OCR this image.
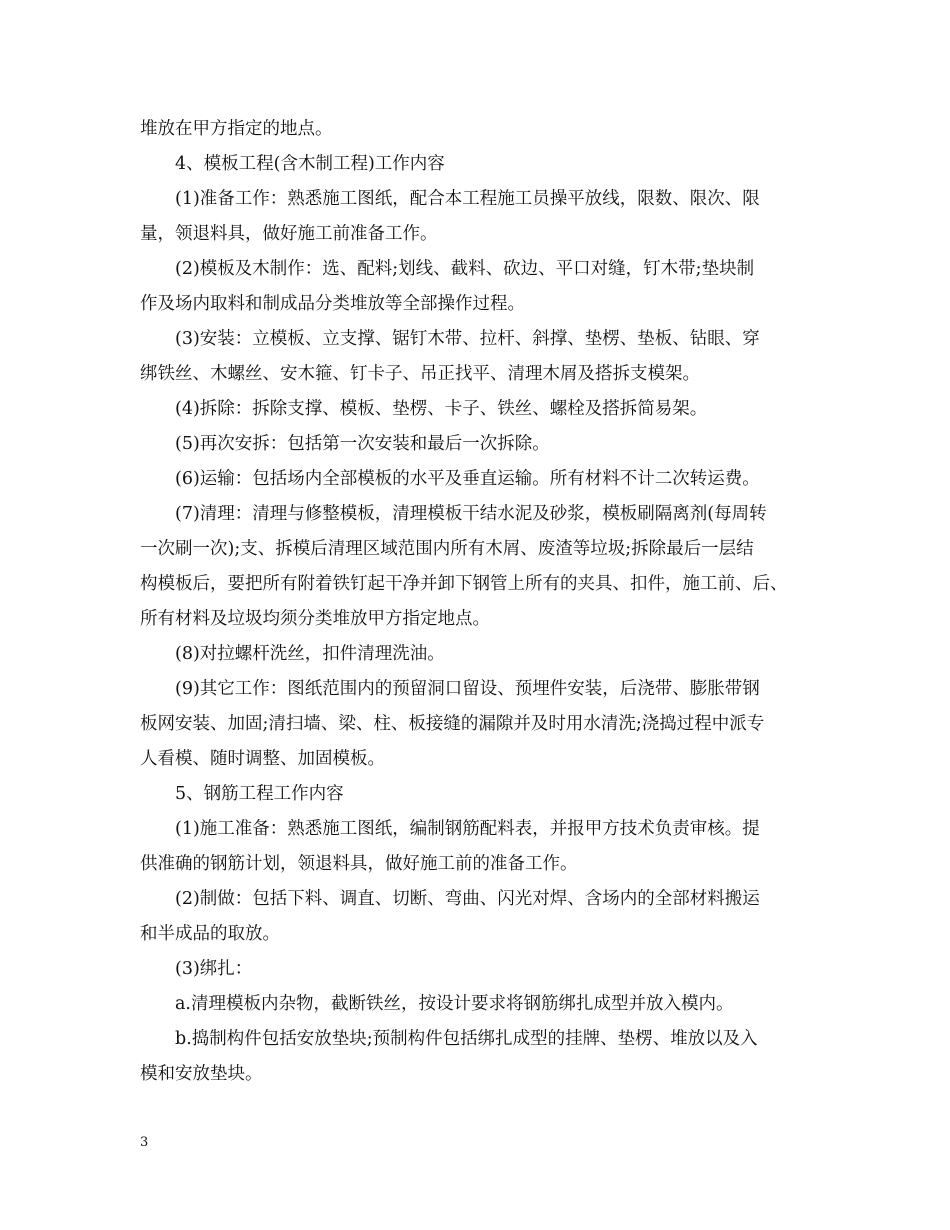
堆放在甲方指定的地点。
4、模板工程(含木制工程)工作内容
(1)准备工作：熟悉施工图纸，配合本工程施工员操平放线，限数、限次、限
量，领退料具，做好施工前准备工作。
(2)模板及木制作：选、配料;划线、截料、砍边、平口对缝，钉木带;垫块制
作及场内取料和制成品分类堆放等全部操作过程。
(3)安装：立模板、立支撑、锯钉木带、拉杆、斜撑、垫楞、垫板、钻眼、穿
绑铁丝、木螺丝、安木箍、钉卡子、吊正找平、清理木屑及搭拆支模架。
(4)拆除：拆除支撑、模板、垫楞、卡子、铁丝、螺栓及搭拆简易架。
(5)再次安拆：包括第一次安装和最后一次拆除。
(6)运输：包括场内全部模板的水平及垂直运输。所有材料不计二次转运费。
(7)清理：清理与修整模板，清理模板干结水泥及砂浆，模板刷隔离剂(每周转
一次刷一次);支、拆模后清理区域范围内所有木屑、废渣等垃圾;拆除最后一层结
构模板后，要把所有附着铁钉起干净并卸下钢管上所有的夹具、扣件，施工前、后、
所有材料及垃圾均须分类堆放甲方指定地点。
(8)对拉螺杆洗丝，扣件清理洗油。
(9)其它工作：图纸范围内的预留洞口留设、预埋件安装，后浇带、膨胀带钢
板网安装、加固;清扫墙、梁、柱、板接缝的漏隙并及时用水清洗;浇捣过程中派专
人看模、随时调整、加固模板。
5、钢筋工程工作内容
(1)施工准备：熟悉施工图纸，编制钢筋配料表，并报甲方技术负责审核。提
供准确的钢筋计划，领退料具，做好施工前的准备工作。
(2)制做：包括下料、调直、切断、弯曲、闪光对焊、含场内的全部材料搬运
和半成品的取放。
(3)绑扎：
a.清理模板内杂物，截断铁丝，按设计要求将钢筋绑扎成型并放入模内。
b.捣制构件包括安放垫块;预制构件包括绑扎成型的挂牌、垫楞、堆放以及入
模和安放垫块。
3
